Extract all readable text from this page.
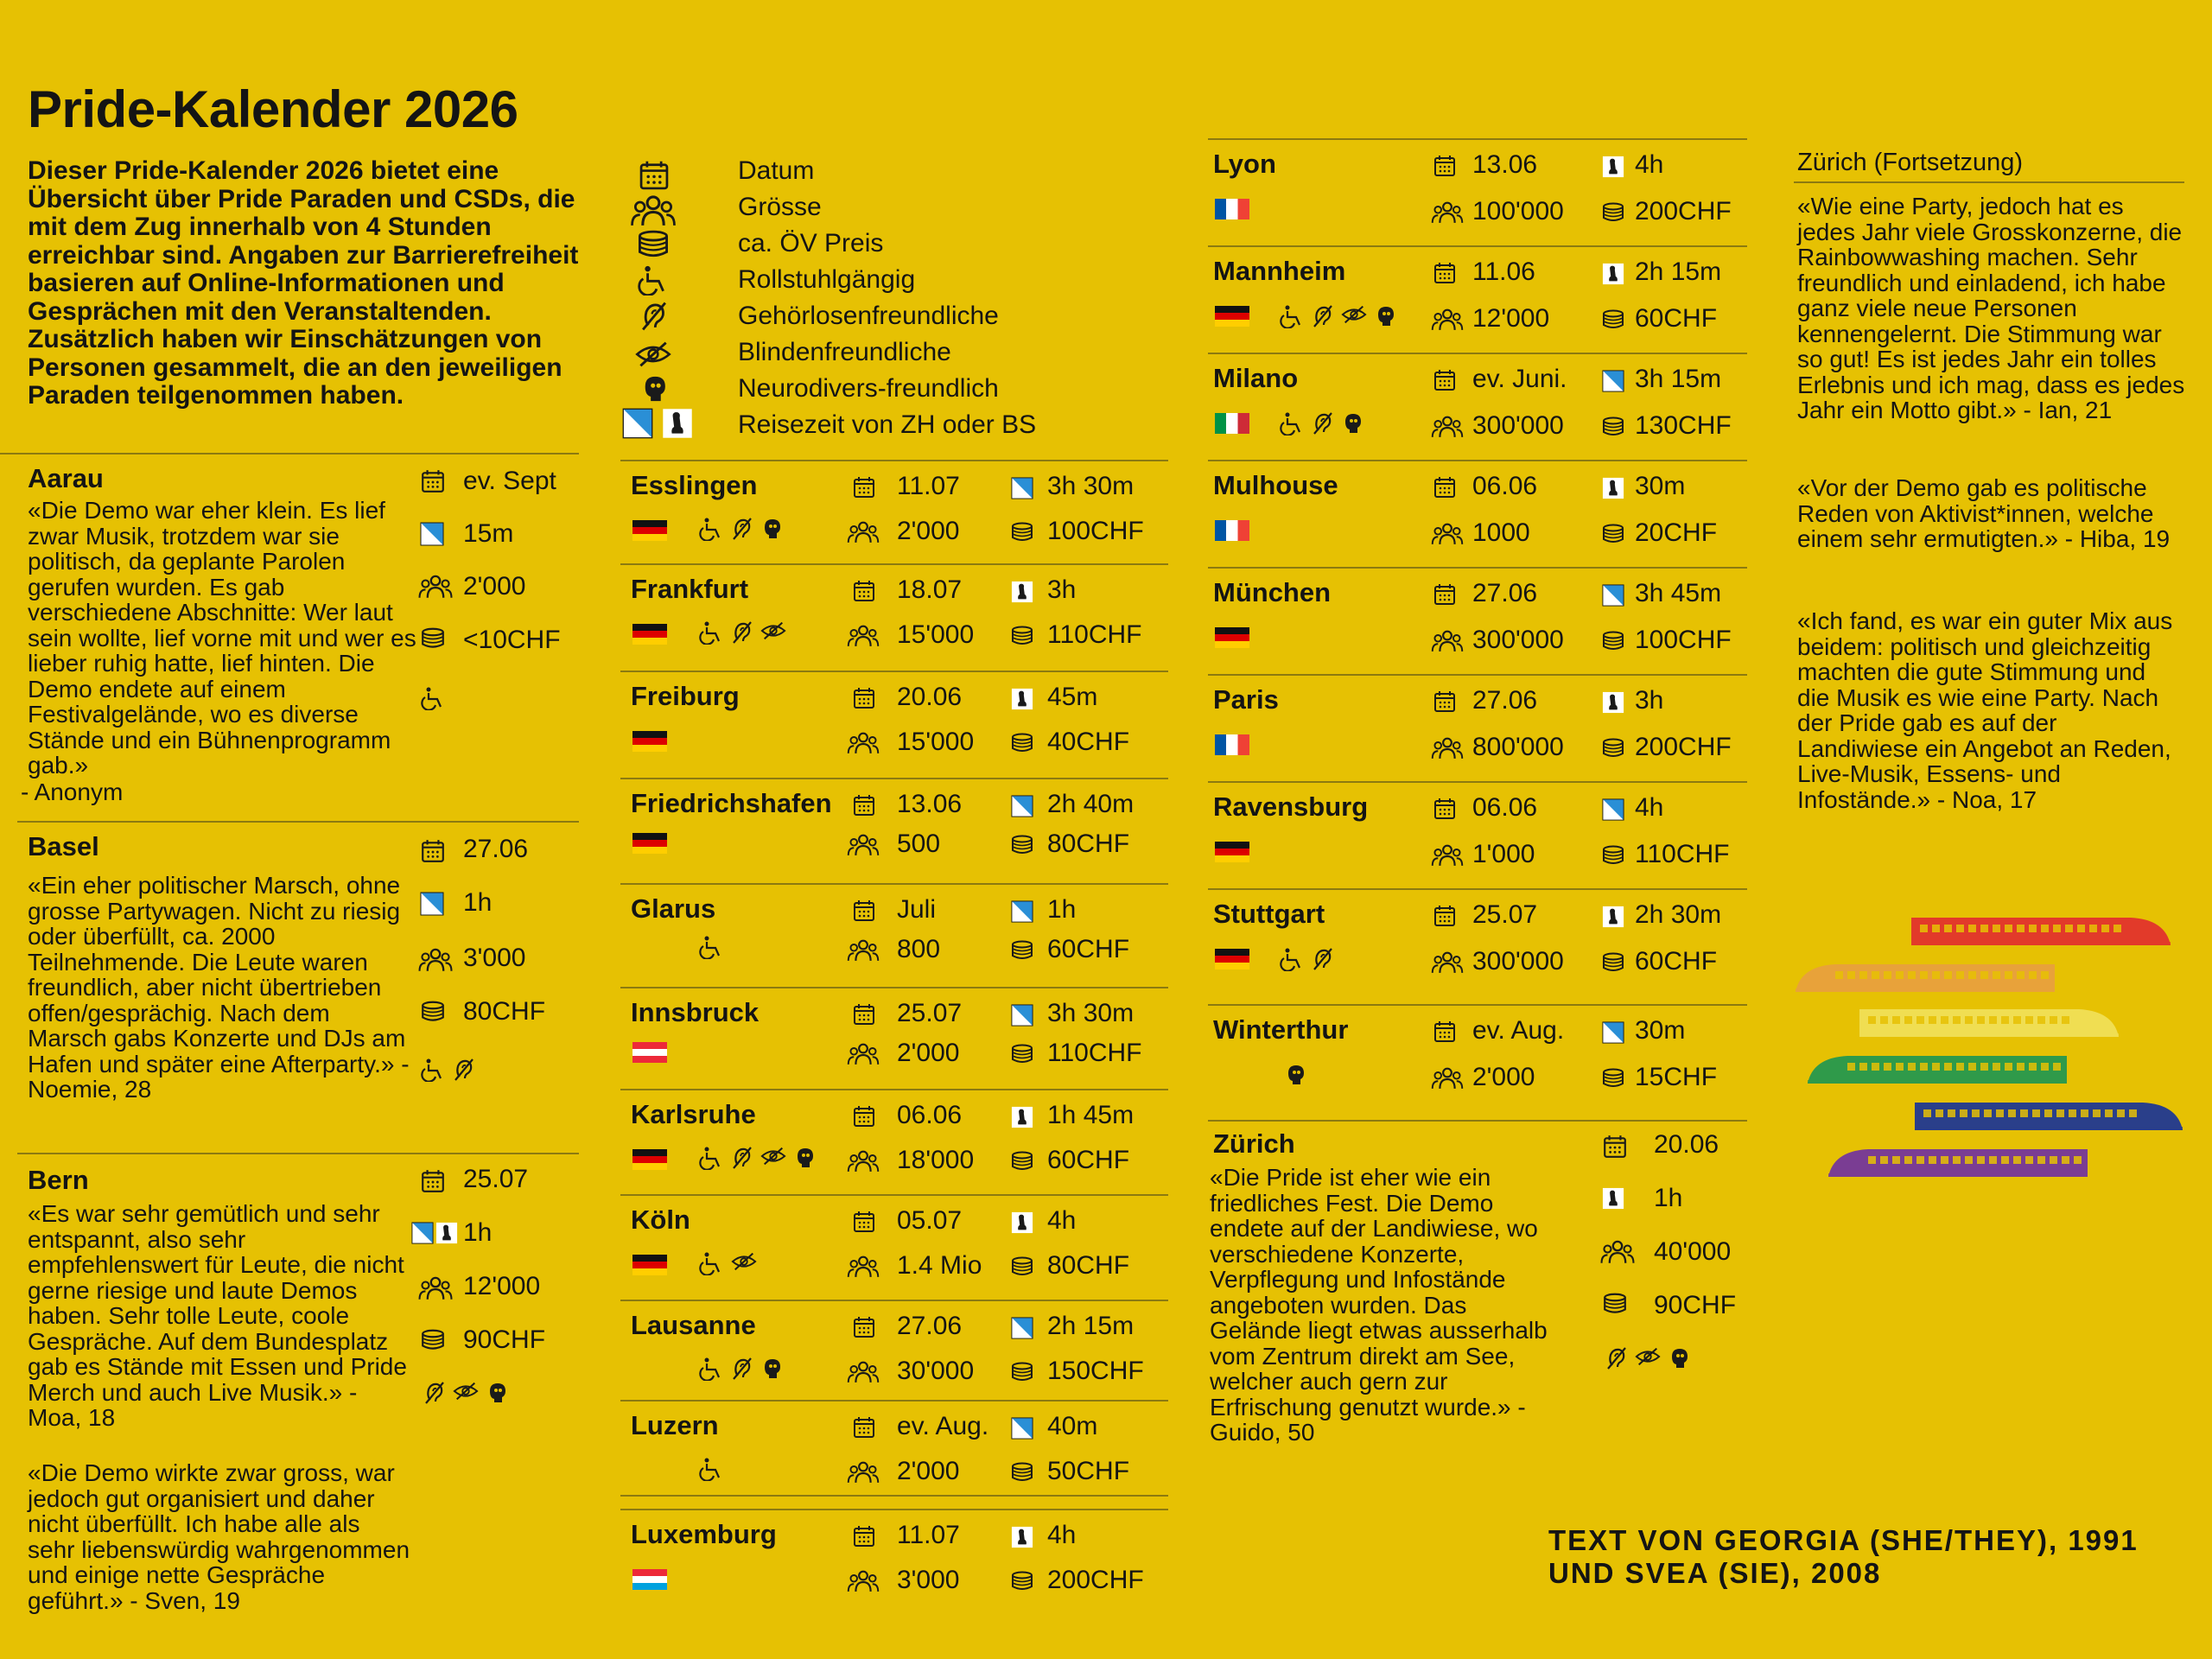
Pride-Kalender 2026
Dieser Pride-Kalender 2026 bietet eine Übersicht über Pride Paraden und CSDs, die mit dem Zug innerhalb von 4 Stunden erreichbar sind. Angaben zur Barrierefreiheit basieren auf Online-Informationen und Gesprächen mit den Veranstaltenden. Zusätzlich haben wir Einschätzungen von Personen gesammelt, die an den jeweiligen Paraden teilgenommen haben.
Datum
Grösse
ca. ÖV Preis
Rollstuhlgängig
Gehörlosenfreundliche
Blindenfreundliche
Neurodivers-freundlich
Reisezeit von ZH oder BS
Aarau
«Die Demo war eher klein. Es lief zwar Musik, trotzdem war sie politisch, da geplante Parolen gerufen wurden. Es gab verschiedene Abschnitte: Wer laut sein wollte, lief vorne mit und wer es lieber ruhig hatte, lief hinten. Die Demo endete auf einem Festivalgelände, wo es diverse Stände und ein Bühnenprogramm gab.»
- Anonym
ev. Sept
15m
2'000
<10CHF
Basel
«Ein eher politischer Marsch, ohne grosse Partywagen. Nicht zu riesig oder überfüllt, ca. 2000 Teilnehmende. Die Leute waren freundlich, aber nicht übertrieben offen/gesprächig. Nach dem Marsch gabs Konzerte und DJs am Hafen und später eine Afterparty.» - Noemie, 28
27.06
1h
3'000
80CHF
Bern
«Es war sehr gemütlich und sehr entspannt, also sehr empfehlenswert für Leute, die nicht gerne riesige und laute Demos haben. Sehr tolle Leute, coole Gespräche. Auf dem Bundesplatz gab es Stände mit Essen und Pride Merch und auch Live Musik.» - Moa, 18
«Die Demo wirkte zwar gross, war jedoch gut organisiert und daher nicht überfüllt. Ich habe alle als sehr liebenswürdig wahrgenommen und einige nette Gespräche geführt.» - Sven, 19
25.07
1h
12'000
90CHF
Esslingen	11.07	3h 30m
2'000	100CHF
Frankfurt	18.07	3h
15'000	110CHF
Freiburg	20.06	45m
15'000	40CHF
Friedrichshafen	13.06	2h 40m
500	80CHF
Glarus	Juli	1h
800	60CHF
Innsbruck	25.07	3h 30m
2'000	110CHF
Karlsruhe	06.06	1h 45m
18'000	60CHF
Köln	05.07	4h
1.4 Mio	80CHF
Lausanne	27.06	2h 15m
30'000	150CHF
Luzern	ev. Aug. 40m
2'000	50CHF
Luxemburg	11.07	4h
3'000	200CHF
Lyon	13.06	4h
100'000	200CHF
Mannheim	11.06	2h 15m
12'000	60CHF
Milano	ev. Juni.	3h 15m
300'000	130CHF
Mulhouse	06.06	30m
1000	20CHF
München	27.06	3h 45m
300'000	100CHF
Paris	27.06	3h
800'000	200CHF
Ravensburg	06.06	4h
1'000	110CHF
Stuttgart	25.07	2h 30m
300'000	60CHF
Winterthur	ev. Aug.	30m
2'000	15CHF
Zürich
«Die Pride ist eher wie ein friedliches Fest. Die Demo endete auf der Landiwiese, wo verschiedene Konzerte, Verpflegung und Infostände angeboten wurden. Das Gelände liegt etwas ausserhalb vom Zentrum direkt am See, welcher auch gern zur Erfrischung genutzt wurde.» - Guido, 50
20.06
1h
40'000
90CHF
Zürich (Fortsetzung)
«Wie eine Party, jedoch hat es jedes Jahr viele Grosskonzerne, die Rainbowwashing machen. Sehr freundlich und einladend, ich habe ganz viele neue Personen kennengelernt. Die Stimmung war so gut! Es ist jedes Jahr ein tolles Erlebnis und ich mag, dass es jedes Jahr ein Motto gibt.» - Ian, 21
«Vor der Demo gab es politische Reden von Aktivist*innen, welche einem sehr ermutigten.» - Hiba, 19
«Ich fand, es war ein guter Mix aus beidem: politisch und gleichzeitig machten die gute Stimmung und die Musik es wie eine Party. Nach der Pride gab es auf der Landiwiese ein Angebot an Reden, Live-Musik, Essens- und Infostände.» - Noa, 17
TEXT VON GEORGIA (SHE/THEY), 1991
UND SVEA (SIE), 2008
